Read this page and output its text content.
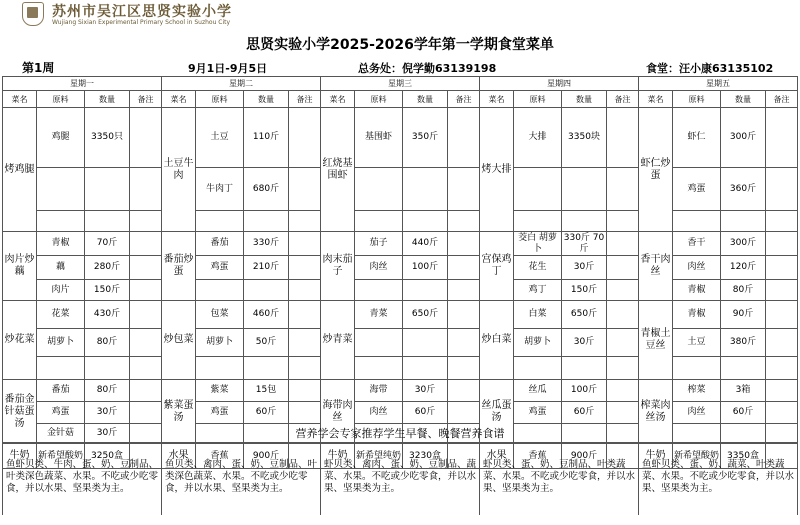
苏州市吴江区思贤实验小学
Wujiang Sixian Experimental Primary School in Suzhou City
思贤实验小学2025-2026学年第一学期食堂菜单
第1周	9月1日-9月5日	总务处：倪学勤63139198	食堂：汪小康63135102
星期一				星期二				星期三				星期四				星期五			
菜名	原料	数量	备注	菜名	原料	数量	备注	菜名	原料	数量	备注	菜名	原料	数量	备注	菜名	原料	数量	备注
烤鸡腿	鸡腿	3350只		土豆牛肉	土豆	110斤		红烧基围虾	基围虾	350斤		烤大排	大排	3350块		虾仁炒蛋	虾仁	300斤	
					牛肉丁	680斤											鸡蛋	360斤	

肉片炒藕	青椒	70斤		番茄炒蛋	番茄	330斤		肉末茄子	茄子	440斤		宫保鸡丁	茭白 胡萝卜	330斤 70斤		香干肉丝	香干	300斤	
	藕	280斤			鸡蛋	210斤			肉丝	100斤			花生	30斤			肉丝	120斤	
	肉片	150斤											鸡丁	150斤			青椒	80斤	
炒花菜	花菜	430斤		炒包菜	包菜	460斤		炒青菜	青菜	650斤		炒白菜	白菜	650斤		青椒土豆丝	青椒	90斤	
	胡萝卜	80斤			胡萝卜	50斤							胡萝卜	30斤			土豆	380斤	

番茄金针菇蛋汤	番茄	80斤		紫菜蛋汤	紫菜	15包		海带肉丝	海带	30斤		丝瓜蛋汤	丝瓜	100斤		榨菜肉丝汤	榨菜	3箱	
	鸡蛋	30斤			鸡蛋	60斤			肉丝	60斤			鸡蛋	60斤			肉丝	60斤	
	金针菇	30斤																	
牛奶	新希望酸奶	3250盒		水果	香蕉	900斤		牛奶	新希望纯奶	3230盒		水果	香蕉	900斤		牛奶	新希望酸奶	3350盒	
营养学会专家推荐学生早餐、晚餐营养食谱
鱼虾贝类、牛肉、蛋、奶、豆制品、叶类深色蔬菜、水果。不吃或少吃零食，并以水果、坚果类为主。
鱼贝类、禽肉、蛋、奶、豆制品、叶类深色蔬菜、水果。不吃或少吃零食，并以水果、坚果类为主。
虾贝类、禽肉、蛋、奶、豆制品、蔬菜、水果。不吃或少吃零食，并以水果、坚果类为主。
虾贝类、蛋、奶、豆制品、叶类蔬菜、水果。不吃或少吃零食，并以水果、坚果类为主。
鱼虾贝类、蛋、奶、蔬菜、叶类蔬菜、水果。不吃或少吃零食，并以水果、坚果类为主。
